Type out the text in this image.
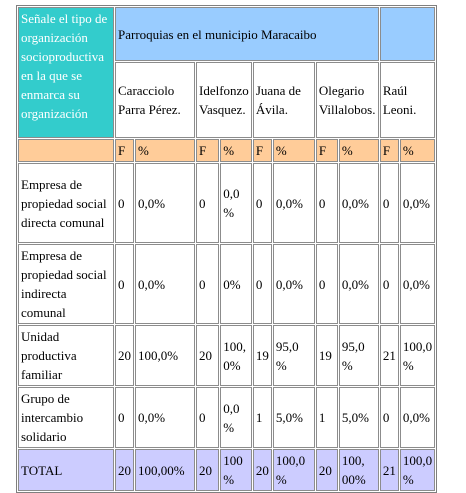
Señale el tipo de organización socioproductiva en la que se enmarca su organización	Parroquias en el municipio Maracaibo									
	Caracciolo Parra Pérez.		Idelfonzo Vasquez.		Juana de Ávila.		Olegario Villalobos.		Raúl Leoni.	
	F	%	F	%	F	%	F	%	F	%
Empresa de propiedad social directa comunal	0	0,0%	0	0,0 %	0	0,0%	0	0,0%	0	0,0%
Empresa de propiedad social indirecta comunal	0	0,0%	0	0%	0	0,0%	0	0,0%	0	0,0%
Unidad productiva familiar	20	100,0%	20	100, 0%	19	95,0 %	19	95,0 %	21	100,0 %
Grupo de intercambio solidario	0	0,0%	0	0,0 %	1	5,0%	1	5,0%	0	0,0%
TOTAL	20	100,00%	20	100 %	20	100,0 %	20	100, 00%	21	100,0 %
